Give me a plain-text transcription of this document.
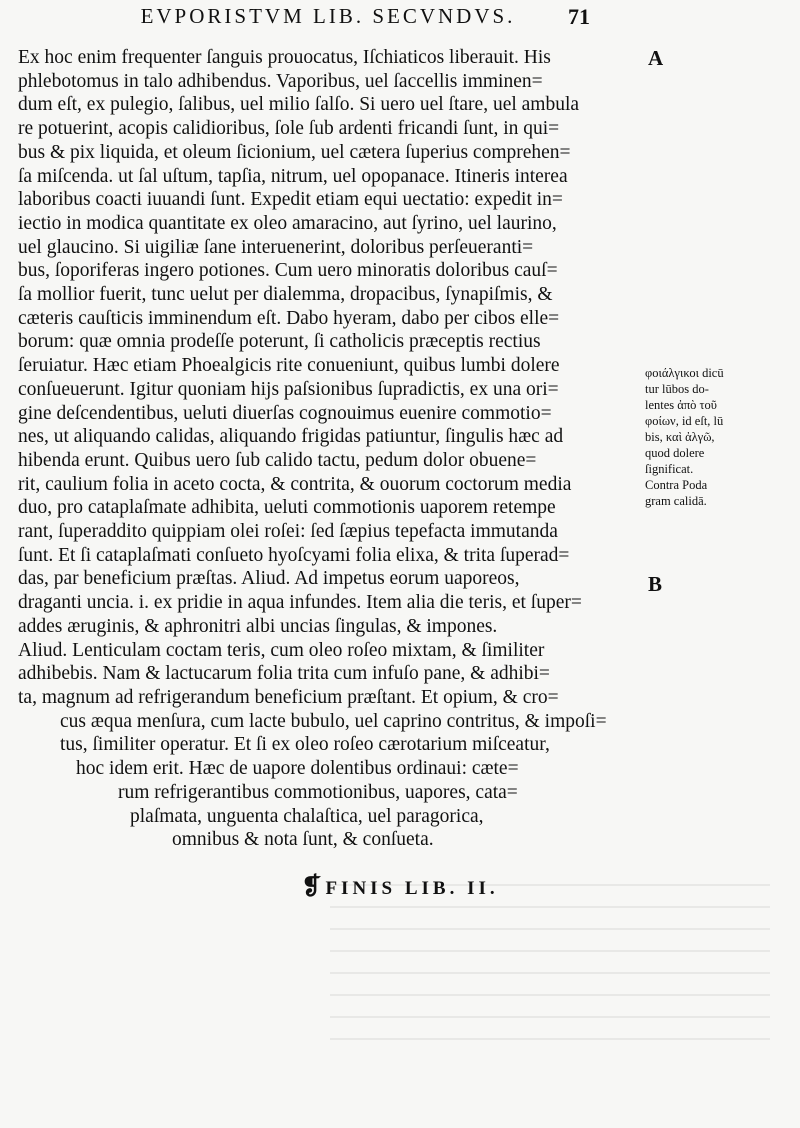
EVPORISTVM LIB. SECVNDVS.	71
Ex hoc enim frequenter ſanguis prouocatus, Iſchiaticos liberauit. His
phlebotomus in talo adhibendus. Vaporibus, uel ſaccellis imminen=
dum eſt, ex pulegio, ſalibus, uel milio ſalſo. Si uero uel ſtare, uel ambula
re potuerint, acopis calidioribus, ſole ſub ardenti fricandi ſunt, in qui=
bus & pix liquida, et oleum ſicionium, uel cætera ſuperius comprehen=
ſa miſcenda. ut ſal uſtum, tapſia, nitrum, uel opopanace. Itineris interea
laboribus coacti iuuandi ſunt. Expedit etiam equi uectatio: expedit in=
iectio in modica quantitate ex oleo amaracino, aut ſyrino, uel laurino,
uel glaucino. Si uigiliæ ſane interuenerint, doloribus perſeueranti=
bus, ſoporiferas ingero potiones. Cum uero minoratis doloribus cauſ=
ſa mollior fuerit, tunc uelut per dialemma, dropacibus, ſynapiſmis, &
cæteris cauſticis imminendum eſt. Dabo hyeram, dabo per cibos elle=
borum: quæ omnia prodeſſe poterunt, ſi catholicis præceptis rectius
ſeruiatur. Hæc etiam Phoealgicis rite conueniunt, quibus lumbi dolere
conſueuerunt. Igitur quoniam hijs paſsionibus ſupradictis, ex una ori=
gine deſcendentibus, ueluti diuerſas cognouimus euenire commotio=
nes, ut aliquando calidas, aliquando frigidas patiuntur, ſingulis hæc ad
hibenda erunt. Quibus uero ſub calido tactu, pedum dolor obuene=
rit, caulium folia in aceto cocta, & contrita, & ouorum coctorum media
duo, pro cataplaſmate adhibita, ueluti commotionis uaporem retempe
rant, ſuperaddito quippiam olei roſei: ſed ſæpius tepefacta immutanda
ſunt. Et ſi cataplaſmati conſueto hyoſcyami folia elixa, & trita ſuperad=
das, par beneficium præſtas. Aliud. Ad impetus eorum uaporeos,
draganti uncia. i. ex pridie in aqua infundes. Item alia die teris, et ſuper=
addes æruginis, & aphronitri albi uncias ſingulas, & impones.
Aliud. Lenticulam coctam teris, cum oleo roſeo mixtam, & ſimiliter
adhibebis. Nam & lactucarum folia trita cum infuſo pane, & adhibi=
ta, magnum ad refrigerandum beneficium præſtant. Et opium, & cro=
cus æqua menſura, cum lacte bubulo, uel caprino contritus, & impoſi=
tus, ſimiliter operatur. Et ſi ex oleo roſeo cærotarium miſceatur,
hoc idem erit. Hæc de uapore dolentibus ordinaui: cæte=
rum refrigerantibus commotionibus, uapores, cata=
plaſmata, unguenta chalaſtica, uel paragorica,
omnibus & nota ſunt, & conſueta.
A
B
φοιάλγικοι dicū
tur lūbos do-
lentes ἀπὸ τοῦ
φοίων, id eſt, lū
bis, καὶ ἀλγῶ,
quod dolere
ſignificat.
Contra Poda
gram calidā.
❡ FINIS LIB. II.
